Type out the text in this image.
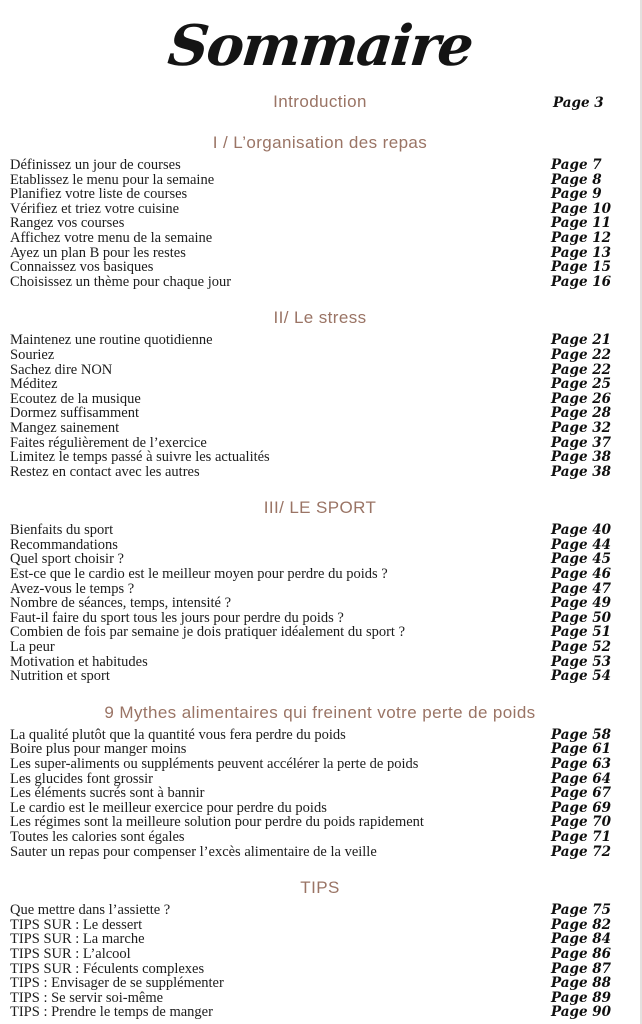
Sommaire
Introduction	Page 3
I / L’organisation des repas
Définissez un jour de courses	Page 7
Etablissez le menu pour la semaine	Page 8
Planifiez votre liste de courses	Page 9
Vérifiez et triez votre cuisine	Page 10
Rangez vos courses	Page 11
Affichez votre menu de la semaine	Page 12
Ayez un plan B pour les restes	Page 13
Connaissez vos basiques	Page 15
Choisissez un thème pour chaque jour	Page 16
II/ Le stress
Maintenez une routine quotidienne	Page 21
Souriez	Page 22
Sachez dire NON	Page 22
Méditez	Page 25
Ecoutez de la musique	Page 26
Dormez suffisamment	Page 28
Mangez sainement	Page 32
Faites régulièrement de l’exercice	Page 37
Limitez le temps passé à suivre les actualités	Page 38
Restez en contact avec les autres	Page 38
III/ LE SPORT
Bienfaits du sport	Page 40
Recommandations	Page 44
Quel sport choisir ?	Page 45
Est-ce que le cardio est le meilleur moyen pour perdre du poids ?	Page 46
Avez-vous le temps ?	Page 47
Nombre de séances, temps, intensité ?	Page 49
Faut-il faire du sport tous les jours pour perdre du poids ?	Page 50
Combien de fois par semaine je dois pratiquer idéalement du sport ?	Page 51
La peur	Page 52
Motivation et habitudes	Page 53
Nutrition et sport	Page 54
9 Mythes alimentaires qui freinent votre perte de poids
La qualité plutôt que la quantité vous fera perdre du poids	Page 58
Boire plus pour manger moins	Page 61
Les super-aliments ou suppléments peuvent accélérer la perte de poids	Page 63
Les glucides font grossir	Page 64
Les éléments sucrés sont à bannir	Page 67
Le cardio est le meilleur exercice pour perdre du poids	Page 69
Les régimes sont la meilleure solution pour perdre du poids rapidement	Page 70
Toutes les calories sont égales	Page 71
Sauter un repas pour compenser l’excès alimentaire de la veille	Page 72
TIPS
Que mettre dans l’assiette ?	Page 75
TIPS SUR : Le dessert	Page 82
TIPS SUR : La marche	Page 84
TIPS SUR : L’alcool	Page 86
TIPS SUR : Féculents complexes	Page 87
TIPS : Envisager de se supplémenter	Page 88
TIPS : Se servir soi-même	Page 89
TIPS : Prendre le temps de manger	Page 90
